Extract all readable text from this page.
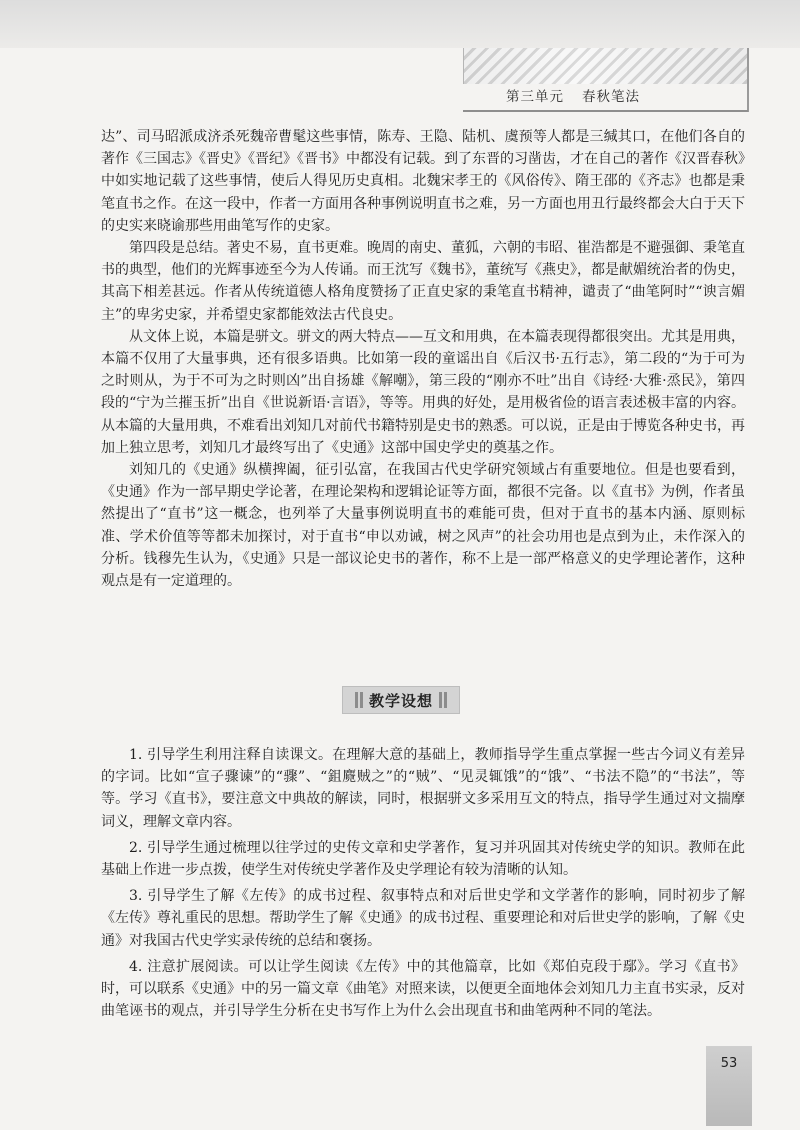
第三单元 春秋笔法

达”、司马昭派成济杀死魏帝曹髦这些事情，陈寿、王隐、陆机、虞预等人都是三缄其口，在他们各自的著作《三国志》《晋史》《晋纪》《晋书》中都没有记载。到了东晋的习凿齿，才在自己的著作《汉晋春秋》中如实地记载了这些事情，使后人得见历史真相。北魏宋孝王的《风俗传》、隋王邵的《齐志》也都是秉笔直书之作。在这一段中，作者一方面用各种事例说明直书之难，另一方面也用丑行最终都会大白于天下的史实来晓谕那些用曲笔写作的史家。

第四段是总结。著史不易，直书更难。晚周的南史、董狐，六朝的韦昭、崔浩都是不避强御、秉笔直书的典型，他们的光辉事迹至今为人传诵。而王沈写《魏书》，董统写《燕史》，都是献媚统治者的伪史，其高下相差甚远。作者从传统道德人格角度赞扬了正直史家的秉笔直书精神，谴责了“曲笔阿时”“谀言媚主”的卑劣史家，并希望史家都能效法古代良史。

从文体上说，本篇是骈文。骈文的两大特点——互文和用典，在本篇表现得都很突出。尤其是用典，本篇不仅用了大量事典，还有很多语典。比如第一段的童谣出自《后汉书·五行志》，第二段的“为于可为之时则从，为于不可为之时则凶”出自扬雄《解嘲》，第三段的“刚亦不吐”出自《诗经·大雅·烝民》，第四段的“宁为兰摧玉折”出自《世说新语·言语》，等等。用典的好处，是用极省俭的语言表述极丰富的内容。从本篇的大量用典，不难看出刘知几对前代书籍特别是史书的熟悉。可以说，正是由于博览各种史书，再加上独立思考，刘知几才最终写出了《史通》这部中国史学史的奠基之作。

刘知几的《史通》纵横捭阖，征引弘富，在我国古代史学研究领域占有重要地位。但是也要看到，《史通》作为一部早期史学论著，在理论架构和逻辑论证等方面，都很不完备。以《直书》为例，作者虽然提出了“直书”这一概念，也列举了大量事例说明直书的难能可贵，但对于直书的基本内涵、原则标准、学术价值等等都未加探讨，对于直书“申以劝诫，树之风声”的社会功用也是点到为止，未作深入的分析。钱穆先生认为，《史通》只是一部议论史书的著作，称不上是一部严格意义的史学理论著作，这种观点是有一定道理的。

教学设想

1. 引导学生利用注释自读课文。在理解大意的基础上，教师指导学生重点掌握一些古今词义有差异的字词。比如“宣子骤谏”的“骤”、“鉏麑贼之”的“贼”、“见灵辄饿”的“饿”、“书法不隐”的“书法”，等等。学习《直书》，要注意文中典故的解读，同时，根据骈文多采用互文的特点，指导学生通过对文揣摩词义，理解文章内容。

2. 引导学生通过梳理以往学过的史传文章和史学著作，复习并巩固其对传统史学的知识。教师在此基础上作进一步点拨，使学生对传统史学著作及史学理论有较为清晰的认知。

3. 引导学生了解《左传》的成书过程、叙事特点和对后世史学和文学著作的影响，同时初步了解《左传》尊礼重民的思想。帮助学生了解《史通》的成书过程、重要理论和对后世史学的影响，了解《史通》对我国古代史学实录传统的总结和褒扬。

4. 注意扩展阅读。可以让学生阅读《左传》中的其他篇章，比如《郑伯克段于鄢》。学习《直书》时，可以联系《史通》中的另一篇文章《曲笔》对照来读，以便更全面地体会刘知几力主直书实录，反对曲笔诬书的观点，并引导学生分析在史书写作上为什么会出现直书和曲笔两种不同的笔法。

53
